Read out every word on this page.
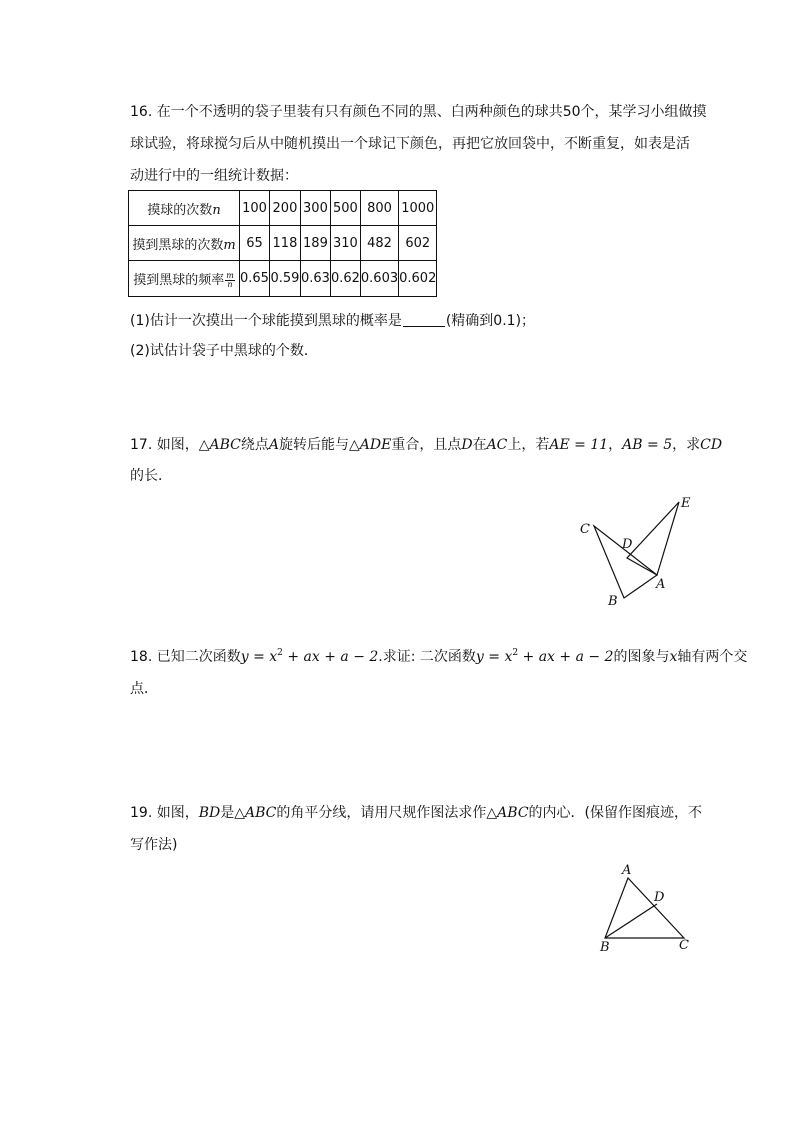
16. 在一个不透明的袋子里装有只有颜色不同的黑、白两种颜色的球共50个，某学习小组做摸
球试验，将球搅匀后从中随机摸出一个球记下颜色，再把它放回袋中，不断重复，如表是活
动进行中的一组统计数据：
摸球的次数n	100	200	300	500	800	1000
摸到黑球的次数m	65	118	189	310	482	602
摸到黑球的频率 $\frac{m}{n}$	0.65	0.59	0.63	0.62	0.603	0.602
(1)估计一次摸出一个球能摸到黑球的概率是	(精确到0.1)；
(2)试估计袋子中黑球的个数．
17. 如图，△ABC绕点A旋转后能与△ADE重合，且点D在AC上，若AE = 11，AB = 5，求CD
的长．
C
D
E
A
B
18. 已知二次函数$y = x^2$ + ax + a − 2.求证: 二次函数$y = x^2$ + ax + a − 2的图象与x轴有两个交
点．
19. 如图，BD是△ABC的角平分线，请用尺规作图法求作△ABC的内心．(保留作图痕迹，不
写作法)
A
D
B	C
